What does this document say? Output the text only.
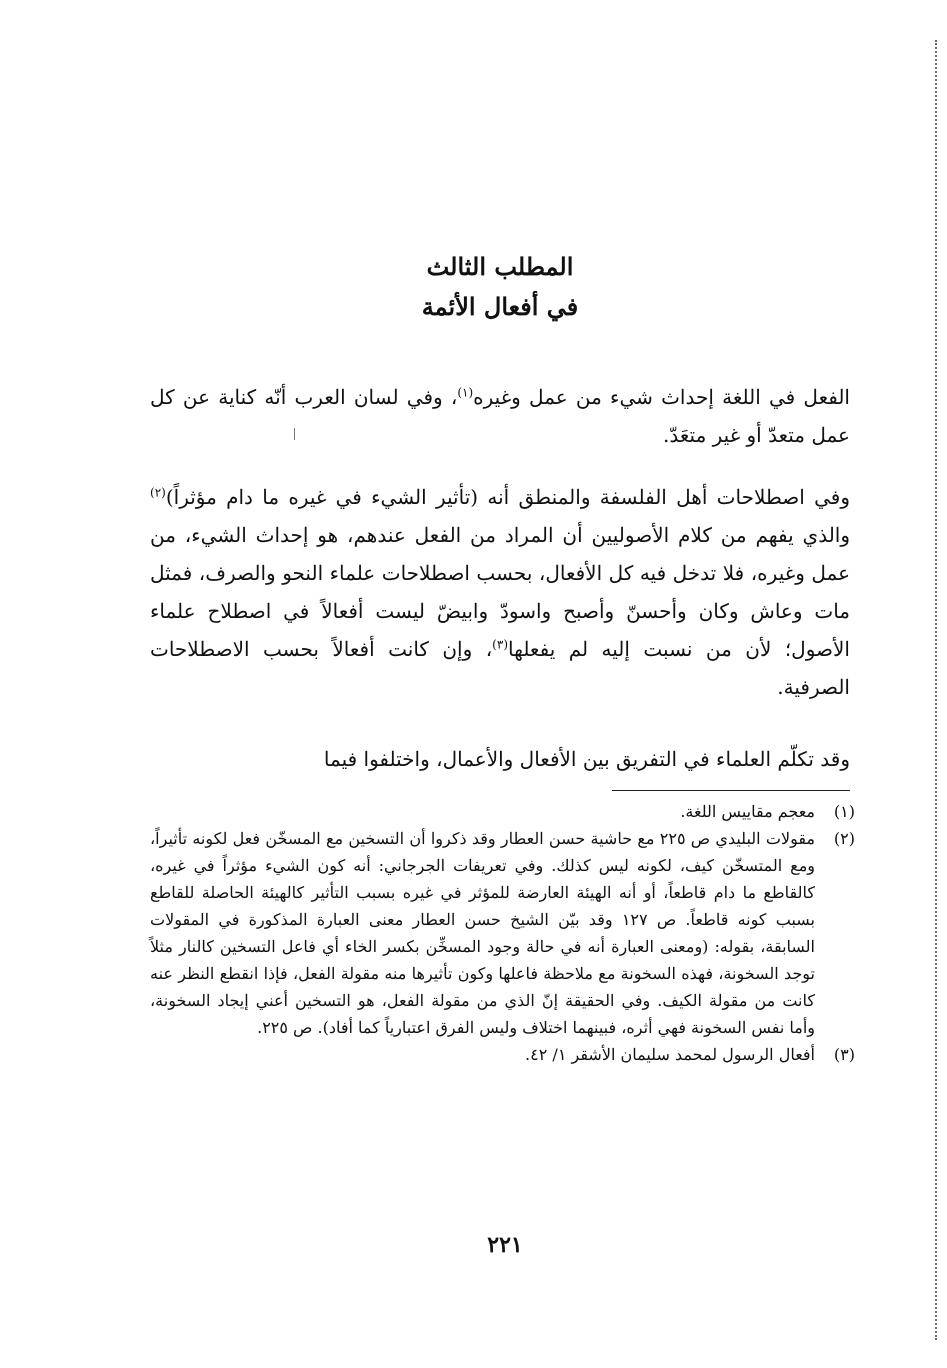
المطلب الثالث
في أفعال الأئمة

الفعل في اللغة إحداث شيء من عمل وغيره$^{(١)}$، وفي لسان العرب أنّه كناية عن كل عمل متعدّ أو غير متعَدّ.

وفي اصطلاحات أهل الفلسفة والمنطق أنه (تأثير الشيء في غيره ما دام مؤثراً)$^{(٢)}$ والذي يفهم من كلام الأصوليين أن المراد من الفعل عندهم، هو إحداث الشيء، من عمل وغيره، فلا تدخل فيه كل الأفعال، بحسب اصطلاحات علماء النحو والصرف، فمثل مات وعاش وكان وأحسنّ وأصبح واسودّ وابيضّ ليست أفعالاً في اصطلاح علماء الأصول؛ لأن من نسبت إليه لم يفعلها$^{(٣)}$، وإن كانت أفعالاً بحسب الاصطلاحات الصرفية.

وقد تكلّم العلماء في التفريق بين الأفعال والأعمال، واختلفوا فيما

(١)
معجم مقاييس اللغة.
(٢)
مقولات البليدي ص ٢٢٥ مع حاشية حسن العطار وقد ذكروا أن التسخين مع المسخّن فعل لكونه تأثيراً، ومع المتسخّن كيف، لكونه ليس كذلك. وفي تعريفات الجرجاني: أنه كون الشيء مؤثراً في غيره، كالقاطع ما دام قاطعاً، أو أنه الهيئة العارضة للمؤثر في غيره بسبب التأثير كالهيئة الحاصلة للقاطع بسبب كونه قاطعاً. ص ١٢٧ وقد بيّن الشيخ حسن العطار معنى العبارة المذكورة في المقولات السابقة، بقوله: (ومعنى العبارة أنه في حالة وجود المسخِّن بكسر الخاء أي فاعل التسخين كالنار مثلاً توجد السخونة، فهذه السخونة مع ملاحظة فاعلها وكون تأثيرها منه مقولة الفعل، فإذا انقطع النظر عنه كانت من مقولة الكيف. وفي الحقيقة إنّ الذي من مقولة الفعل، هو التسخين أعني إيجاد السخونة، وأما نفس السخونة فهي أثره، فبينهما اختلاف وليس الفرق اعتبارياً كما أفاد). ص ٢٢٥.
(٣)
أفعال الرسول لمحمد سليمان الأشقر ١/ ٤٢.
٢٢١
